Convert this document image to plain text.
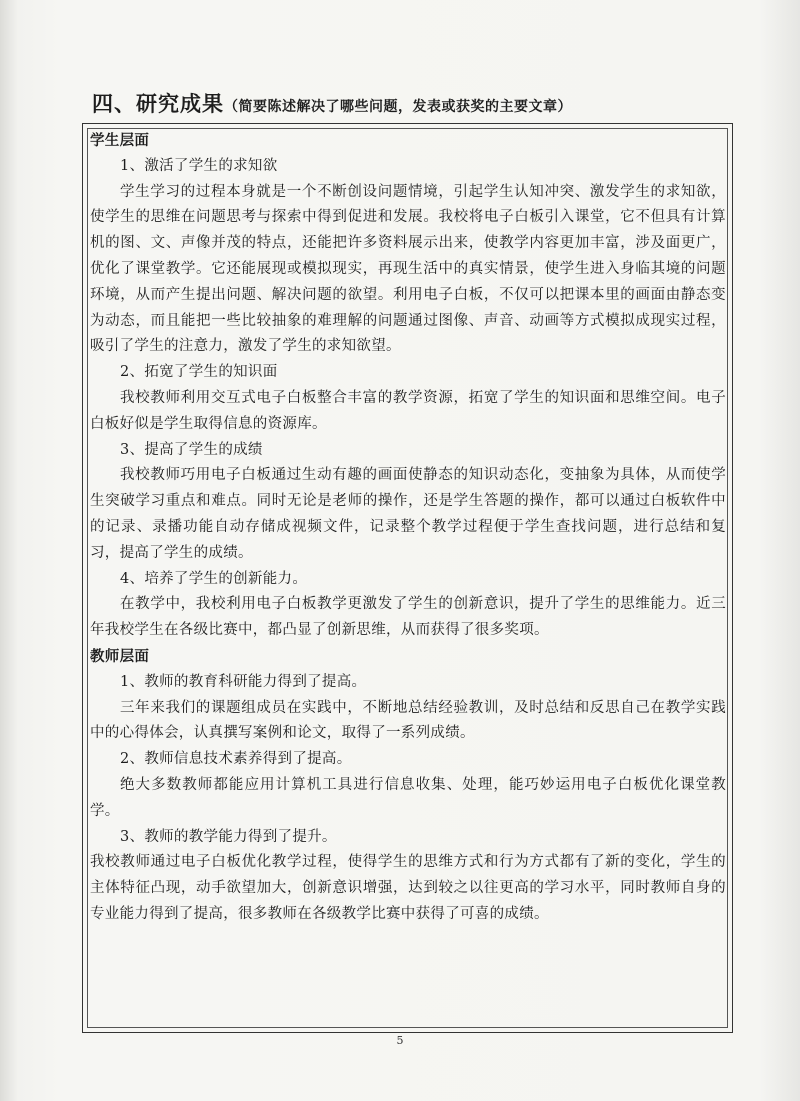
四、研究成果（简要陈述解决了哪些问题，发表或获奖的主要文章）

学生层面

1、激活了学生的求知欲

学生学习的过程本身就是一个不断创设问题情境，引起学生认知冲突、激发学生的求知欲，使学生的思维在问题思考与探索中得到促进和发展。我校将电子白板引入课堂，它不但具有计算机的图、文、声像并茂的特点，还能把许多资料展示出来，使教学内容更加丰富，涉及面更广，优化了课堂教学。它还能展现或模拟现实，再现生活中的真实情景，使学生进入身临其境的问题环境，从而产生提出问题、解决问题的欲望。利用电子白板，不仅可以把课本里的画面由静态变为动态，而且能把一些比较抽象的难理解的问题通过图像、声音、动画等方式模拟成现实过程，吸引了学生的注意力，激发了学生的求知欲望。

2、拓宽了学生的知识面

我校教师利用交互式电子白板整合丰富的教学资源，拓宽了学生的知识面和思维空间。电子白板好似是学生取得信息的资源库。

3、提高了学生的成绩

我校教师巧用电子白板通过生动有趣的画面使静态的知识动态化，变抽象为具体，从而使学生突破学习重点和难点。同时无论是老师的操作，还是学生答题的操作，都可以通过白板软件中的记录、录播功能自动存储成视频文件，记录整个教学过程便于学生查找问题，进行总结和复习，提高了学生的成绩。

4、培养了学生的创新能力。

在教学中，我校利用电子白板教学更激发了学生的创新意识，提升了学生的思维能力。近三年我校学生在各级比赛中，都凸显了创新思维，从而获得了很多奖项。

教师层面

1、教师的教育科研能力得到了提高。

三年来我们的课题组成员在实践中，不断地总结经验教训，及时总结和反思自己在教学实践中的心得体会，认真撰写案例和论文，取得了一系列成绩。

2、教师信息技术素养得到了提高。

绝大多数教师都能应用计算机工具进行信息收集、处理，能巧妙运用电子白板优化课堂教学。

3、教师的教学能力得到了提升。

我校教师通过电子白板优化教学过程，使得学生的思维方式和行为方式都有了新的变化，学生的主体特征凸现，动手欲望加大，创新意识增强，达到较之以往更高的学习水平，同时教师自身的专业能力得到了提高，很多教师在各级教学比赛中获得了可喜的成绩。

5
